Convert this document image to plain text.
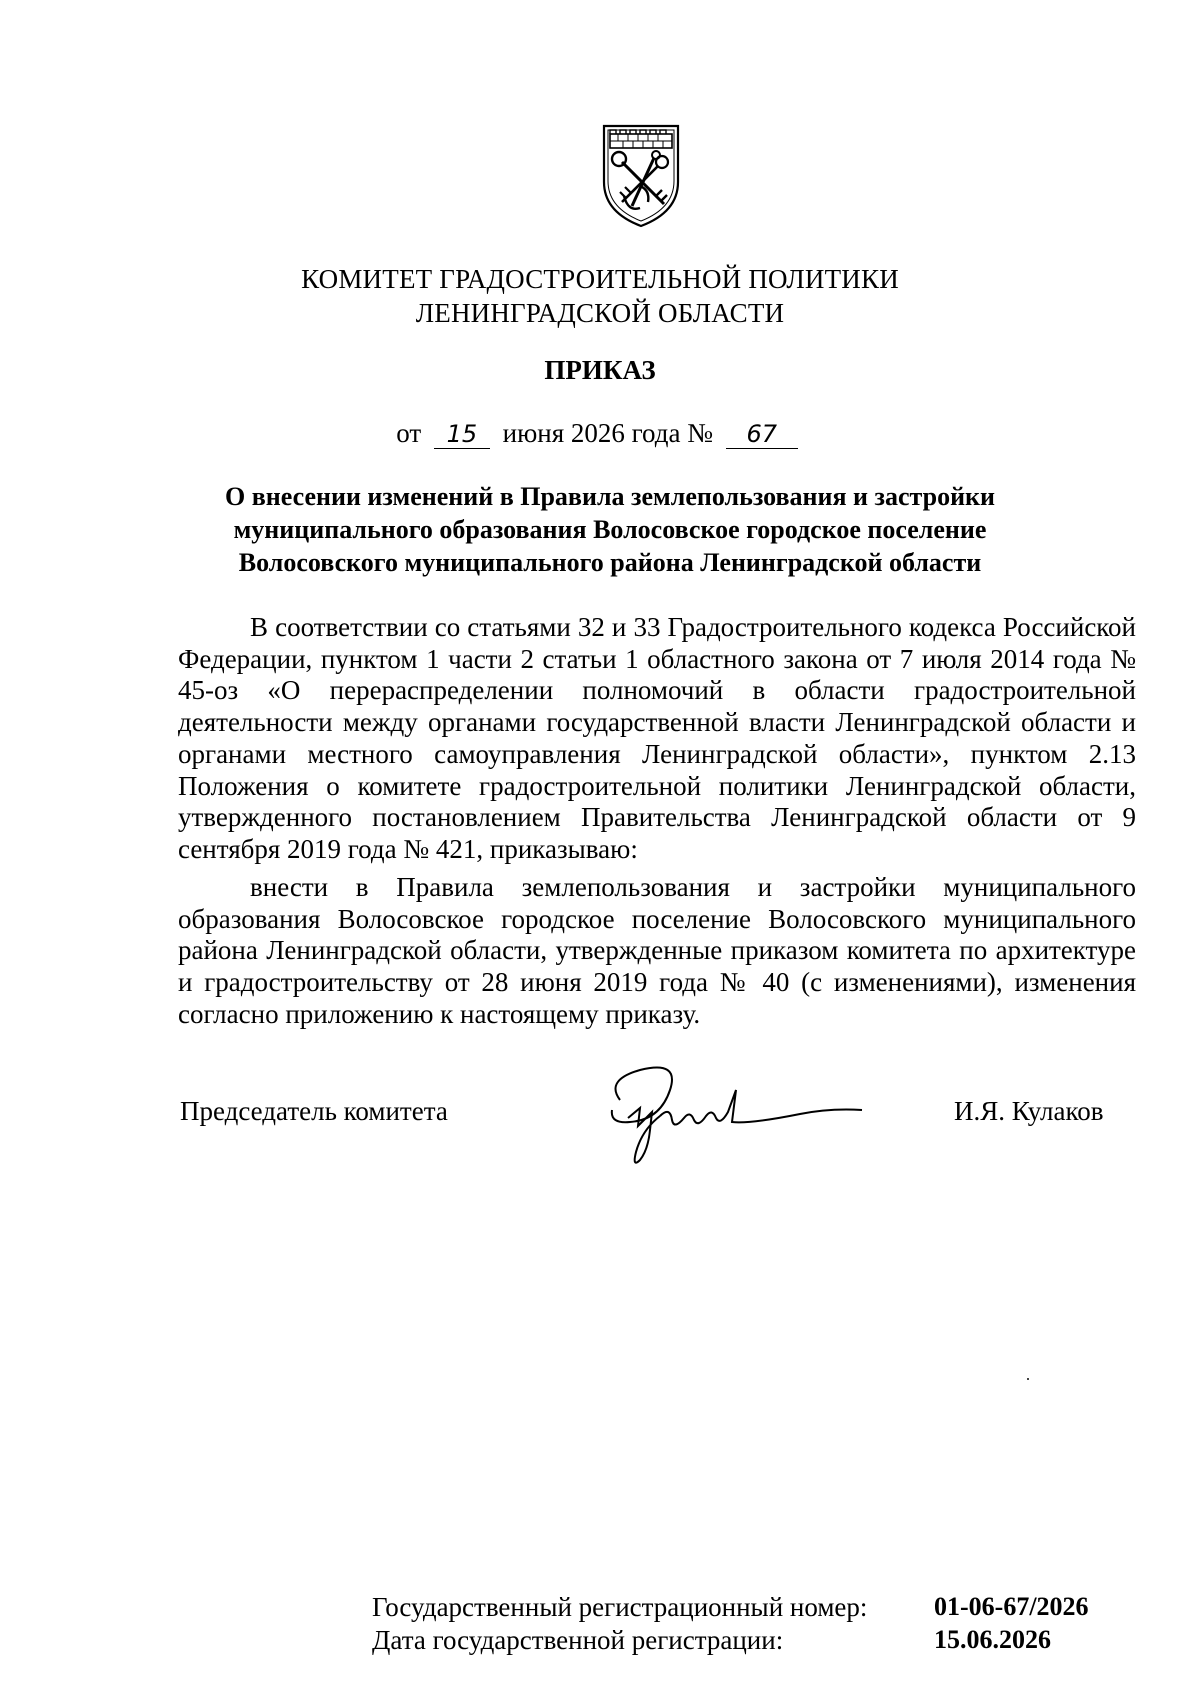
КОМИТЕТ ГРАДОСТРОИТЕЛЬНОЙ ПОЛИТИКИ
ЛЕНИНГРАДСКОЙ ОБЛАСТИ
ПРИКАЗ
от 15 июня 2026 года № 67
О внесении изменений в Правила землепользования и застройки
муниципального образования Волосовское городское поселение
Волосовского муниципального района Ленинградской области

В соответствии со статьями 32 и 33 Градостроительного кодекса Российской Федерации, пунктом 1 части 2 статьи 1 областного закона от 7 июля 2014 года № 45-оз «О перераспределении полномочий в области градостроительной деятельности между органами государственной власти Ленинградской области и органами местного самоуправления Ленинградской области», пунктом 2.13 Положения о комитете градостроительной политики Ленинградской области, утвержденного постановлением Правительства Ленинградской области от 9 сентября 2019 года № 421, приказываю:

внести в Правила землепользования и застройки муниципального образования Волосовское городское поселение Волосовского муниципального района Ленинградской области, утвержденные приказом комитета по архитектуре и градостроительству от 28 июня 2019 года № 40 (с изменениями), изменения согласно приложению к настоящему приказу.

Председатель комитета	И.Я. Кулаков
Государственный регистрационный номер:	01-06-67/2026
Дата государственной регистрации:	15.06.2026
